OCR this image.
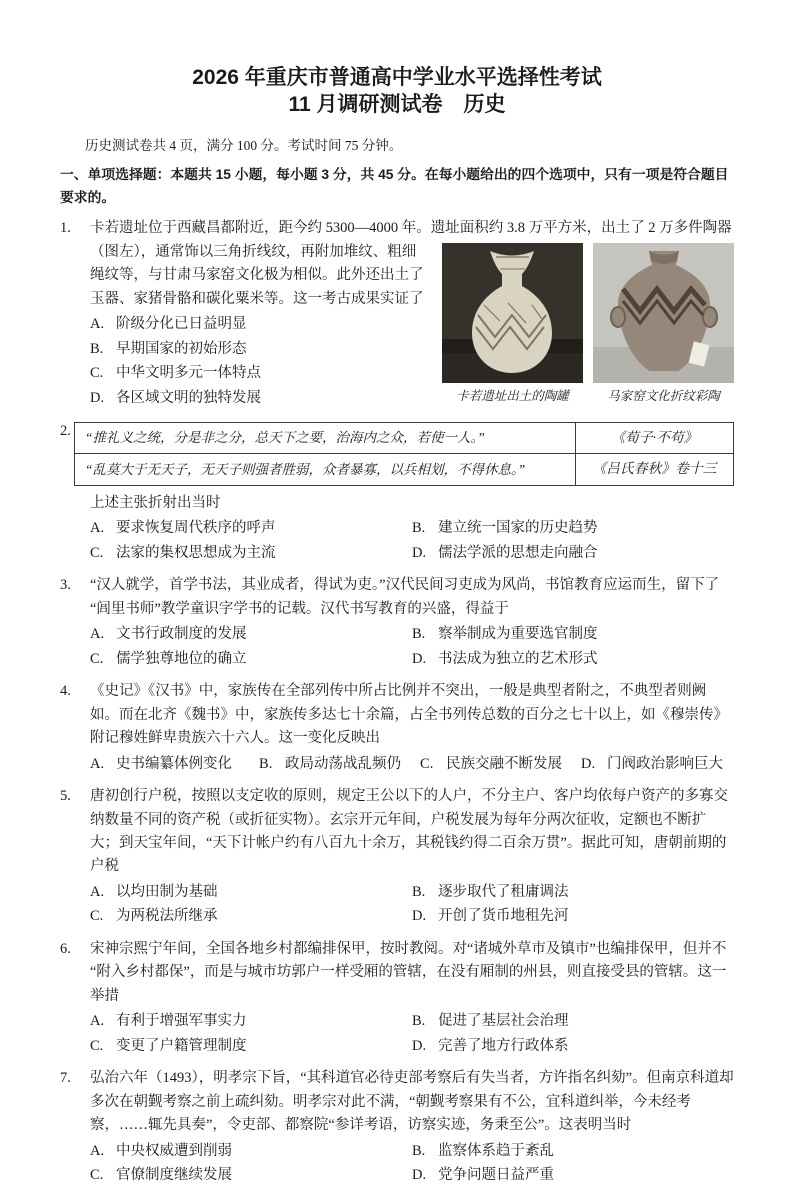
2026 年重庆市普通高中学业水平选择性考试
11 月调研测试卷　历史
历史测试卷共 4 页，满分 100 分。考试时间 75 分钟。
一、单项选择题：本题共 15 小题，每小题 3 分，共 45 分。在每小题给出的四个选项中，只有一项是符合题目要求的。
1.	卡若遗址位于西藏昌都附近，距今约 5300—4000 年。遗址面积约 3.8 万平方米，出土了 2 万多件陶器
卡若遗址出土的陶罐	马家窑文化折纹彩陶
（图左），通常饰以三角折线纹，再附加堆纹、粗细绳纹等，与甘肃马家窑文化极为相似。此外还出土了玉器、家猪骨骼和碳化粟米等。这一考古成果实证了
A. 阶级分化已日益明显
B. 早期国家的初始形态
C. 中华文明多元一体特点
D. 各区域文明的独特发展
2.	“推礼义之统，分是非之分，总天下之要，治海内之众，若使一人。”	《荀子·不苟》
“乱莫大于无天子，无天子则强者胜弱，众者暴寡，以兵相划，不得休息。”	《吕氏春秋》卷十三
上述主张折射出当时
A. 要求恢复周代秩序的呼声	B. 建立统一国家的历史趋势
C. 法家的集权思想成为主流	D. 儒法学派的思想走向融合
3.	“汉人就学，首学书法，其业成者，得试为吏。”汉代民间习吏成为风尚，书馆教育应运而生，留下了“闾里书师”教学童识字学书的记载。汉代书写教育的兴盛，得益于
A. 文书行政制度的发展	B. 察举制成为重要选官制度
C. 儒学独尊地位的确立	D. 书法成为独立的艺术形式
4.	《史记》《汉书》中，家族传在全部列传中所占比例并不突出，一般是典型者附之，不典型者则阙如。而在北齐《魏书》中，家族传多达七十余篇，占全书列传总数的百分之七十以上，如《穆崇传》附记穆姓鲜卑贵族六十六人。这一变化反映出
A. 史书编纂体例变化	B. 政局动荡战乱频仍	C. 民族交融不断发展	D. 门阀政治影响巨大
5.	唐初创行户税，按照以支定收的原则，规定王公以下的人户，不分主户、客户均依每户资产的多寡交纳数量不同的资产税（或折征实物）。玄宗开元年间，户税发展为每年分两次征收，定额也不断扩大；到天宝年间，“天下计帐户约有八百九十余万，其税钱约得二百余万贯”。据此可知，唐朝前期的户税
A. 以均田制为基础	B. 逐步取代了租庸调法
C. 为两税法所继承	D. 开创了货币地租先河
6.	宋神宗熙宁年间，全国各地乡村都编排保甲，按时教阅。对“诸城外草市及镇市”也编排保甲，但并不“附入乡村都保”，而是与城市坊郭户一样受厢的管辖，在没有厢制的州县，则直接受县的管辖。这一举措
A. 有利于增强军事实力	B. 促进了基层社会治理
C. 变更了户籍管理制度	D. 完善了地方行政体系
7.	弘治六年（1493），明孝宗下旨，“其科道官必待吏部考察后有失当者，方许指名纠劾”。但南京科道却多次在朝觐考察之前上疏纠劾。明孝宗对此不满，“朝觐考察果有不公，宜科道纠举，今未经考察，……辄先具奏”，令吏部、都察院“参详考语，访察实迹，务秉至公”。这表明当时
A. 中央权威遭到削弱	B. 监察体系趋于紊乱
C. 官僚制度继续发展	D. 党争问题日益严重
